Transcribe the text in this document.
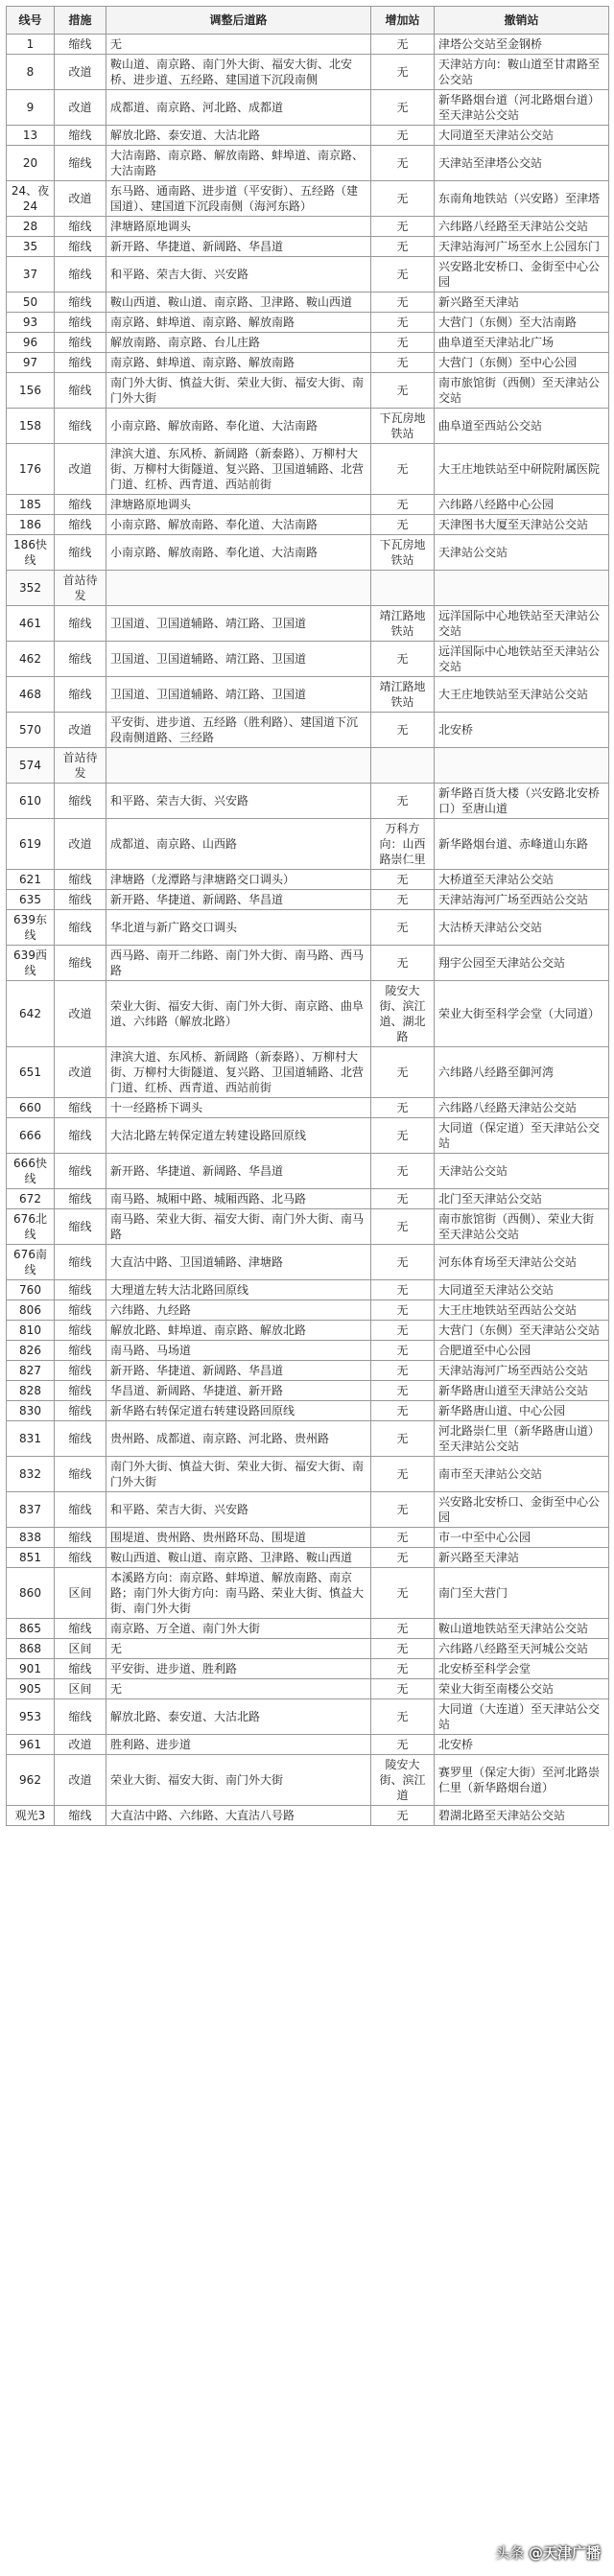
线号	措施	调整后道路	增加站	撤销站
1	缩线	无	无	津塔公交站至金钢桥
8	改道	鞍山道、南京路、南门外大街、福安大街、北安桥、进步道、五经路、建国道下沉段南侧	无	天津站方向：鞍山道至甘肃路至公交站
9	改道	成都道、南京路、河北路、成都道	无	新华路烟台道（河北路烟台道）至天津站公交站
13	缩线	解放北路、泰安道、大沽北路	无	大同道至天津站公交站
20	缩线	大沽南路、南京路、解放南路、蚌埠道、南京路、大沽南路	无	天津站至津塔公交站
24、夜24	改道	东马路、通南路、进步道（平安街）、五经路（建国道）、建国道下沉段南侧（海河东路）	无	东南角地铁站（兴安路）至津塔
28	缩线	津塘路原地调头	无	六纬路八经路至天津站公交站
35	缩线	新开路、华捷道、新阔路、华昌道	无	天津站海河广场至水上公园东门
37	缩线	和平路、荣吉大街、兴安路	无	兴安路北安桥口、金街至中心公园
50	缩线	鞍山西道、鞍山道、南京路、卫津路、鞍山西道	无	新兴路至天津站
93	缩线	南京路、蚌埠道、南京路、解放南路	无	大营门（东侧）至大沽南路
96	缩线	解放南路、南京路、台儿庄路	无	曲阜道至天津站北广场
97	缩线	南京路、蚌埠道、南京路、解放南路	无	大营门（东侧）至中心公园
156	缩线	南门外大街、慎益大街、荣业大街、福安大街、南门外大街	无	南市旅馆街（西侧）至天津站公交站
158	缩线	小南京路、解放南路、奉化道、大沽南路	下瓦房地铁站	曲阜道至西站公交站
176	改道	津滨大道、东风桥、新阔路（新泰路）、万柳村大街、万柳村大街隧道、复兴路、卫国道辅路、北营门道、红桥、西青道、西站前街	无	大王庄地铁站至中研院附属医院
185	缩线	津塘路原地调头	无	六纬路八经路中心公园
186	缩线	小南京路、解放南路、奉化道、大沽南路	无	天津图书大厦至天津站公交站
186快线	缩线	小南京路、解放南路、奉化道、大沽南路	下瓦房地铁站	天津站公交站
352	首站待发			
461	缩线	卫国道、卫国道辅路、靖江路、卫国道	靖江路地铁站	远洋国际中心地铁站至天津站公交站
462	缩线	卫国道、卫国道辅路、靖江路、卫国道	无	远洋国际中心地铁站至天津站公交站
468	缩线	卫国道、卫国道辅路、靖江路、卫国道	靖江路地铁站	大王庄地铁站至天津站公交站
570	改道	平安街、进步道、五经路（胜利路）、建国道下沉段南侧道路、三经路	无	北安桥
574	首站待发			
610	缩线	和平路、荣吉大街、兴安路	无	新华路百货大楼（兴安路北安桥口）至唐山道
619	改道	成都道、南京路、山西路	万科方向：山西路崇仁里	新华路烟台道、赤峰道山东路
621	缩线	津塘路（龙潭路与津塘路交口调头）	无	大桥道至天津站公交站
635	缩线	新开路、华捷道、新阔路、华昌道	无	天津站海河广场至西站公交站
639东线	缩线	华北道与新广路交口调头	无	大沽桥天津站公交站
639西线	缩线	西马路、南开二纬路、南门外大街、南马路、西马路	无	翔宇公园至天津站公交站
642	改道	荣业大街、福安大街、南门外大街、南京路、曲阜道、六纬路（解放北路）	陵安大街、滨江道、湖北路	荣业大街至科学会堂（大同道）
651	改道	津滨大道、东风桥、新阔路（新泰路）、万柳村大街、万柳村大街隧道、复兴路、卫国道辅路、北营门道、红桥、西青道、西站前街	无	六纬路八经路至御河湾
660	缩线	十一经路桥下调头	无	六纬路八经路天津站公交站
666	缩线	大沽北路左转保定道左转建设路回原线	无	大同道（保定道）至天津站公交站
666快线	缩线	新开路、华捷道、新阔路、华昌道	无	天津站公交站
672	缩线	南马路、城厢中路、城厢西路、北马路	无	北门至天津站公交站
676北线	缩线	南马路、荣业大街、福安大街、南门外大街、南马路	无	南市旅馆街（西侧）、荣业大街至天津站公交站
676南线	缩线	大直沽中路、卫国道辅路、津塘路	无	河东体育场至天津站公交站
760	缩线	大理道左转大沽北路回原线	无	大同道至天津站公交站
806	缩线	六纬路、九经路	无	大王庄地铁站至西站公交站
810	缩线	解放北路、蚌埠道、南京路、解放北路	无	大营门（东侧）至天津站公交站
826	缩线	南马路、马场道	无	合肥道至中心公园
827	缩线	新开路、华捷道、新阔路、华昌道	无	天津站海河广场至西站公交站
828	缩线	华昌道、新阔路、华捷道、新开路	无	新华路唐山道至天津站公交站
830	缩线	新华路右转保定道右转建设路回原线	无	新华路唐山道、中心公园
831	缩线	贵州路、成都道、南京路、河北路、贵州路	无	河北路崇仁里（新华路唐山道）至天津站公交站
832	缩线	南门外大街、慎益大街、荣业大街、福安大街、南门外大街	无	南市至天津站公交站
837	缩线	和平路、荣吉大街、兴安路	无	兴安路北安桥口、金街至中心公园
838	缩线	围堤道、贵州路、贵州路环岛、围堤道	无	市一中至中心公园
851	缩线	鞍山西道、鞍山道、南京路、卫津路、鞍山西道	无	新兴路至天津站
860	区间	本溪路方向：南京路、蚌埠道、解放南路、南京路；南门外大街方向：南马路、荣业大街、慎益大街、南门外大街	无	南门至大营门
865	缩线	南京路、万全道、南门外大街	无	鞍山道地铁站至天津站公交站
868	区间	无	无	六纬路八经路至天河城公交站
901	缩线	平安街、进步道、胜利路	无	北安桥至科学会堂
905	区间	无	无	荣业大街至南楼公交站
953	缩线	解放北路、泰安道、大沽北路	无	大同道（大连道）至天津站公交站
961	改道	胜利路、进步道	无	北安桥
962	改道	荣业大街、福安大街、南门外大街	陵安大街、滨江道	赛罗里（保定大街）至河北路崇仁里（新华路烟台道）
观光3	缩线	大直沽中路、六纬路、大直沽八号路	无	碧湖北路至天津站公交站
头条 @天津广播
